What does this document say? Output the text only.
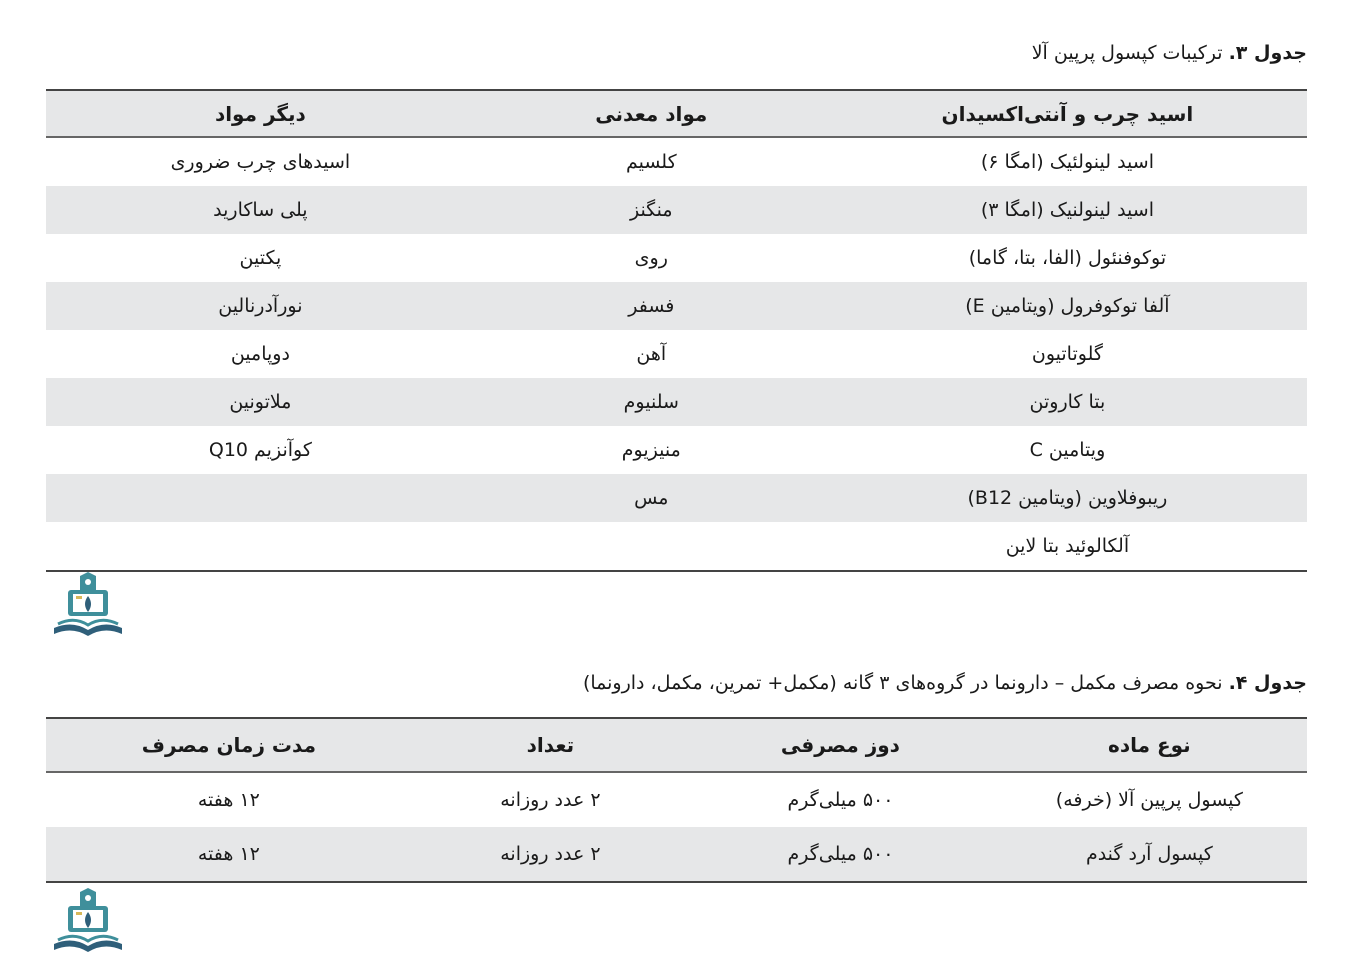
جدول ۳. ترکیبات کپسول پرپین آلا
اسید چرب و آنتی‌اکسیدان	مواد معدنی	دیگر مواد
اسید لینولئیک (امگا ۶)	کلسیم	اسیدهای چرب ضروری
اسید لینولنیک (امگا ۳)	منگنز	پلی ساکارید
توکوفنئول (الفا، بتا، گاما)	روی	پکتین
آلفا توکوفرول (ویتامین E)	فسفر	نورآدرنالین
گلوتاتیون	آهن	دوپامین
بتا کاروتن	سلنیوم	ملاتونین
ویتامین C	منیزیوم	کوآنزیم Q10
ریبوفلاوین (ویتامین B12)	مس	
آلکالوئید بتا لاین		
جدول ۴. نحوه مصرف مکمل – دارونما در گروه‌های ۳ گانه (مکمل+ تمرین، مکمل، دارونما)
نوع ماده	دوز مصرفی	تعداد	مدت زمان مصرف
کپسول پرپین آلا (خرفه)	۵۰۰ میلی‌گرم	۲ عدد روزانه	۱۲ هفته
کپسول آرد گندم	۵۰۰ میلی‌گرم	۲ عدد روزانه	۱۲ هفته
